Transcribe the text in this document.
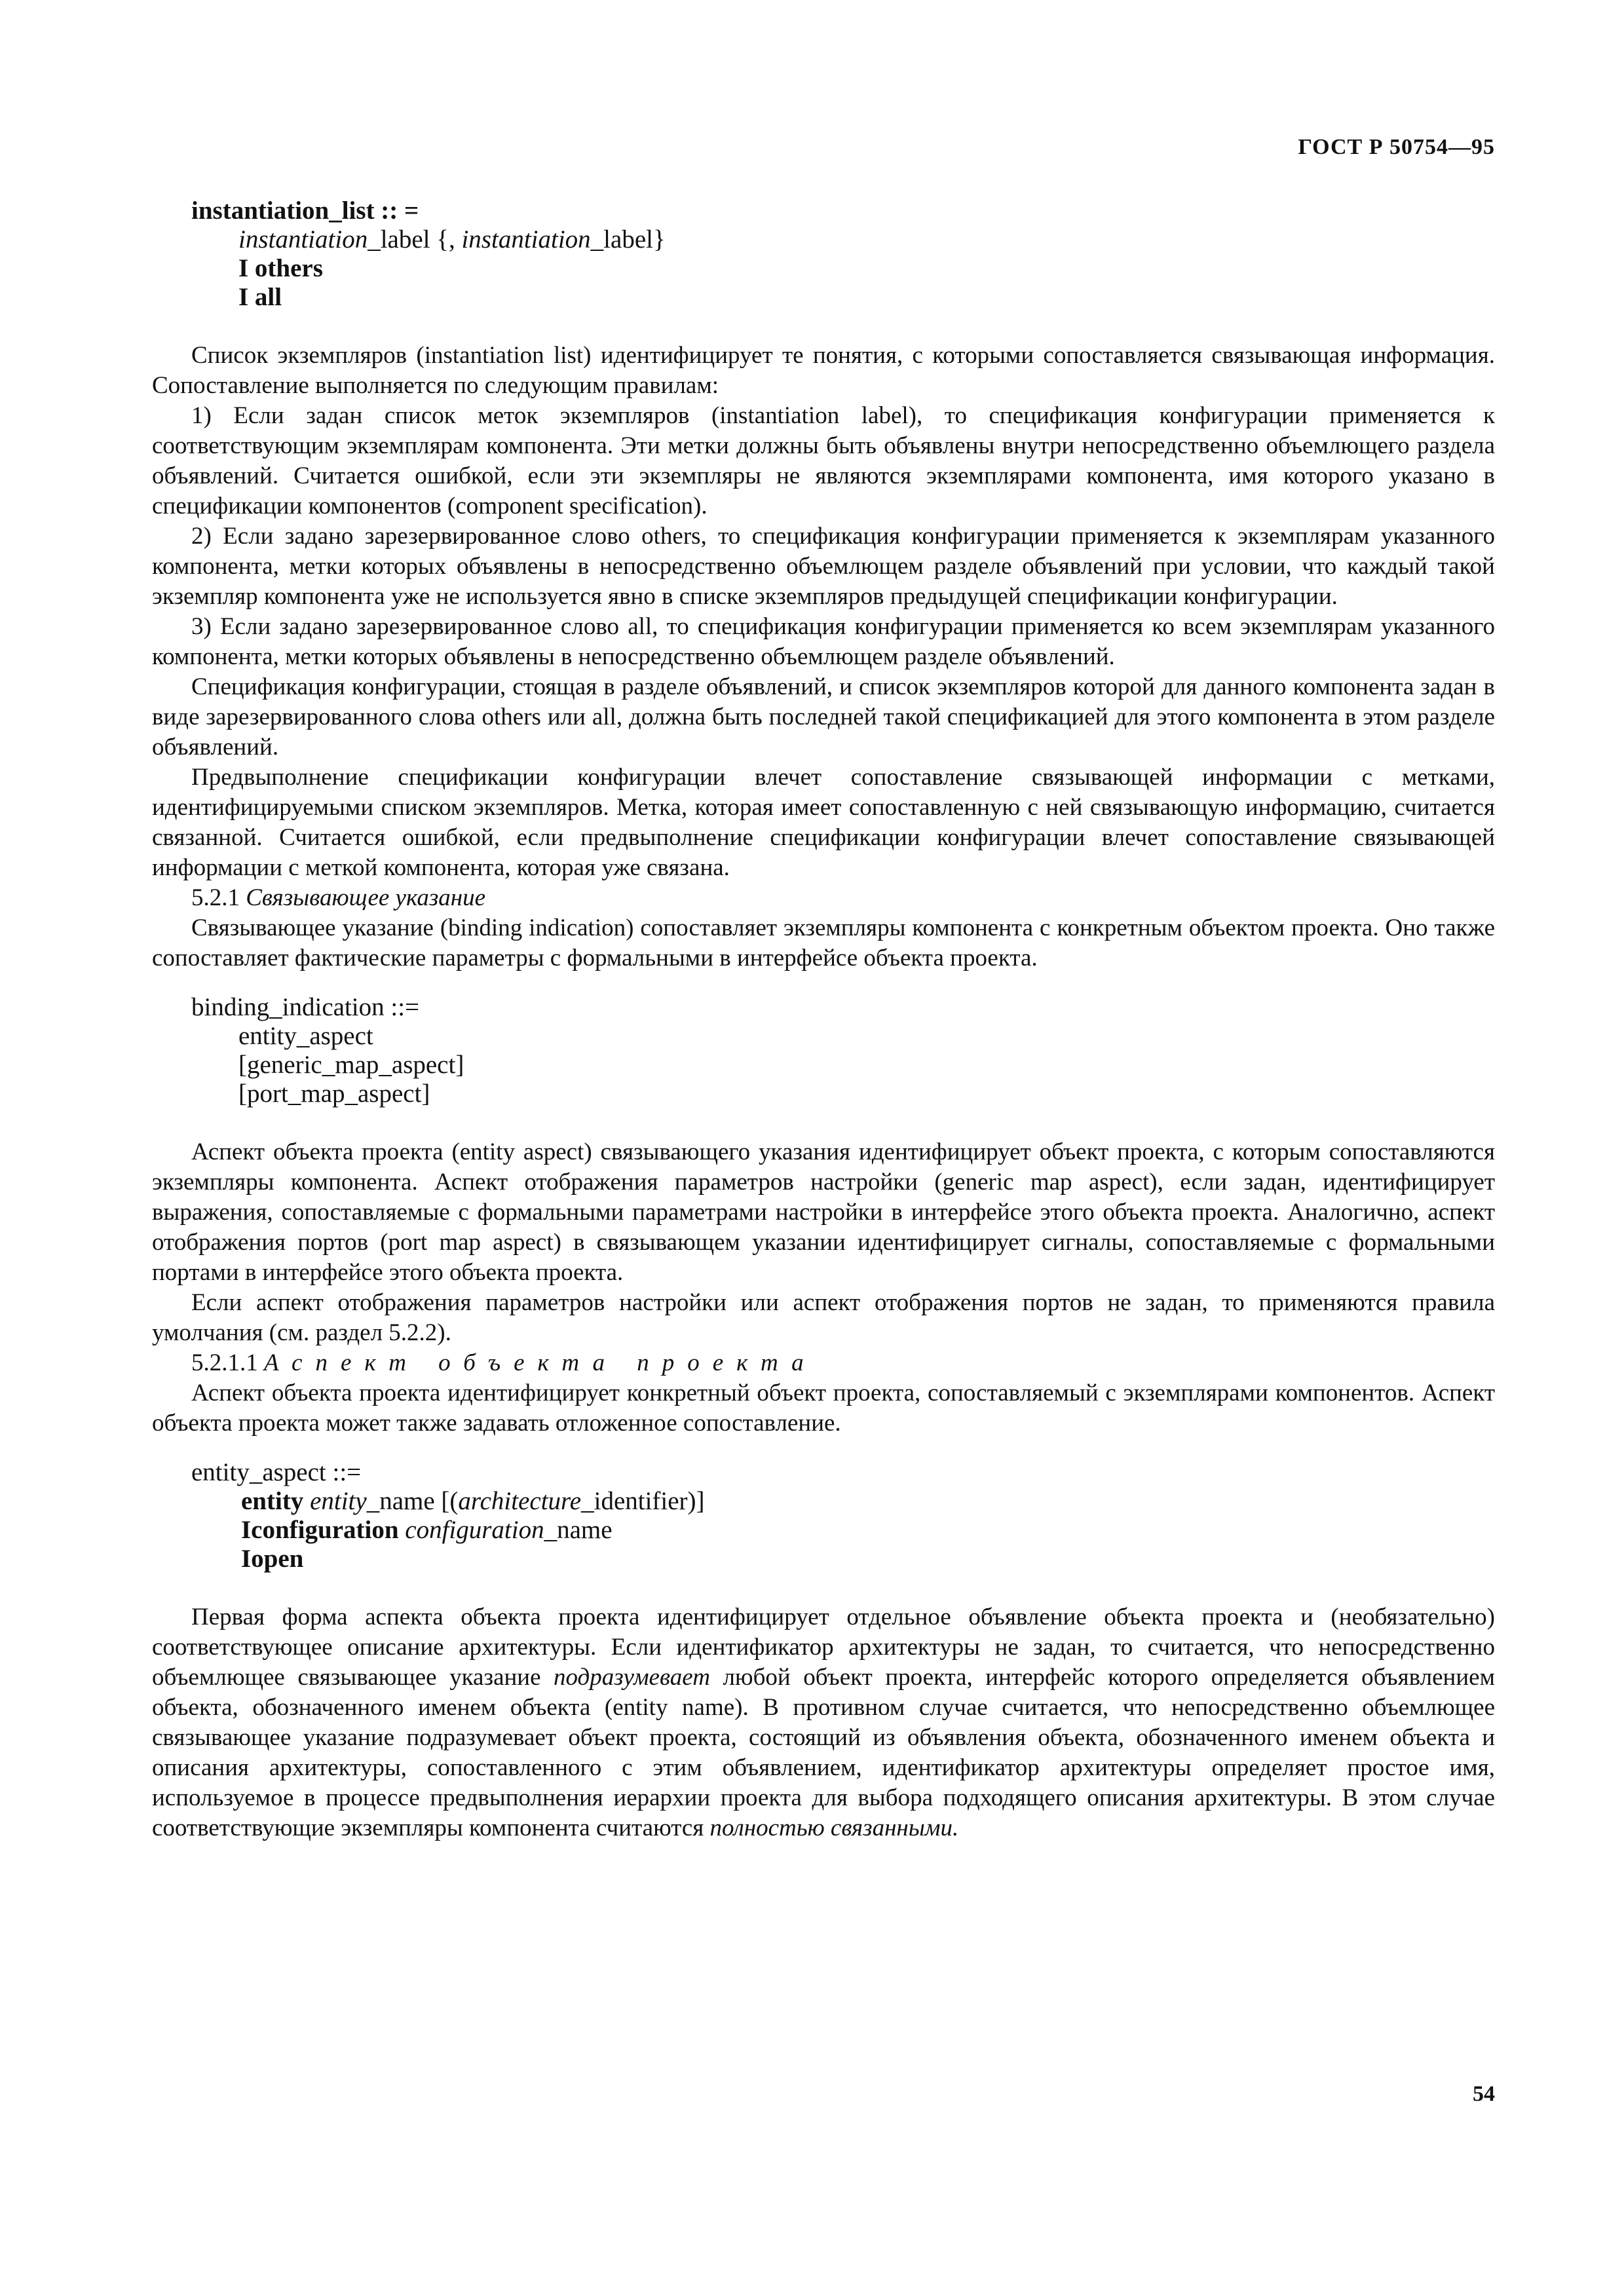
ГОСТ Р 50754—95
instantiation_list :: =
instantiation_label {, instantiation_label}
I others
I all

Список экземпляров (instantiation list) идентифицирует те понятия, с которыми сопоставляется связывающая информация. Сопоставление выполняется по следующим правилам:

1) Если задан список меток экземпляров (instantiation label), то спецификация конфигурации применяется к соответствующим экземплярам компонента. Эти метки должны быть объявлены внутри непосредственно объемлющего раздела объявлений. Считается ошибкой, если эти экземпляры не являются экземплярами компонента, имя которого указано в спецификации компонентов (component specification).

2) Если задано зарезервированное слово others, то спецификация конфигурации применяется к экземплярам указанного компонента, метки которых объявлены в непосредственно объемлющем разделе объявлений при условии, что каждый такой экземпляр компонента уже не используется явно в списке экземпляров предыдущей спецификации конфигурации.

3) Если задано зарезервированное слово all, то спецификация конфигурации применяется ко всем экземплярам указанного компонента, метки которых объявлены в непосредственно объемлющем разделе объявлений.

Спецификация конфигурации, стоящая в разделе объявлений, и список экземпляров которой для данного компонента задан в виде зарезервированного слова others или all, должна быть последней такой спецификацией для этого компонента в этом разделе объявлений.

Предвыполнение спецификации конфигурации влечет сопоставление связывающей информации с метками, идентифицируемыми списком экземпляров. Метка, которая имеет сопоставленную с ней связывающую информацию, считается связанной. Считается ошибкой, если предвыполнение спецификации конфигурации влечет сопоставление связывающей информации с меткой компонента, которая уже связана.

5.2.1 Связывающее указание

Связывающее указание (binding indication) сопоставляет экземпляры компонента с конкретным объектом проекта. Оно также сопоставляет фактические параметры с формальными в интерфейсе объекта проекта.

binding_indication ::=
entity_aspect
[generic_map_aspect]
[port_map_aspect]

Аспект объекта проекта (entity aspect) связывающего указания идентифицирует объект проекта, с которым сопоставляются экземпляры компонента. Аспект отображения параметров настройки (generic map aspect), если задан, идентифицирует выражения, сопоставляемые с формальными параметрами настройки в интерфейсе этого объекта проекта. Аналогично, аспект отображения портов (port map aspect) в связывающем указании идентифицирует сигналы, сопоставляемые с формальными портами в интерфейсе этого объекта проекта.

Если аспект отображения параметров настройки или аспект отображения портов не задан, то применяются правила умолчания (см. раздел 5.2.2).

5.2.1.1 Аспект объекта проекта

Аспект объекта проекта идентифицирует конкретный объект проекта, сопоставляемый с экземплярами компонентов. Аспект объекта проекта может также задавать отложенное сопоставление.

entity_aspect ::=
entity entity_name [(architecture_identifier)]
Iconfiguration configuration_name
Iopen

Первая форма аспекта объекта проекта идентифицирует отдельное объявление объекта проекта и (необязательно) соответствующее описание архитектуры. Если идентификатор архитектуры не задан, то считается, что непосредственно объемлющее связывающее указание подразумевает любой объект проекта, интерфейс которого определяется объявлением объекта, обозначенного именем объекта (entity name). В противном случае считается, что непосредственно объемлющее связывающее указание подразумевает объект проекта, состоящий из объявления объекта, обозначенного именем объекта и описания архитектуры, сопоставленного с этим объявлением, идентификатор архитектуры определяет простое имя, используемое в процессе предвыполнения иерархии проекта для выбора подходящего описания архитектуры. В этом случае соответствующие экземпляры компонента считаются полностью связанными.

54
